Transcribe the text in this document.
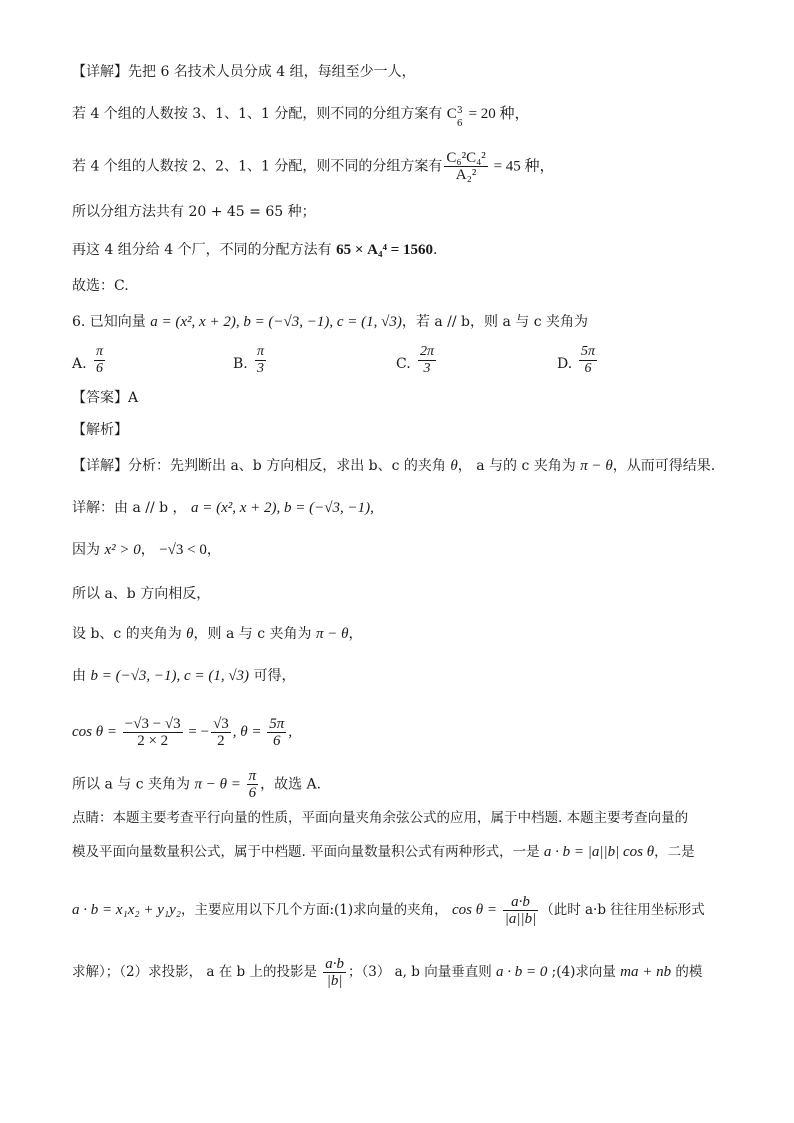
【详解】先把 6 名技术人员分成 4 组，每组至少一人，
若 4 个组的人数按 3、1、1、1 分配，则不同的分组方案有 C 3
6
= 20 种，
若 4 个组的人数按 2、2、1、1 分配，则不同的分组方案有 $\frac{\text{C₆²C₄²}}{\text{A₂²}} = 45$ 种，
所以分组方法共有 20 + 45 = 65 种；
再这 4 组分给 4 个厂，不同的分配方法有 65 × A₄⁴ = 1560.
故选：C.
6. 已知向量 a = (x², x + 2), b = (−√3, −1), c = (1, √3)，若 a // b，则 a 与 c 夹角为
A. $\frac{\pi}{6}$	B. $\frac{\pi}{3}$	C. $\frac{2\pi}{3}$	D. $\frac{5\pi}{6}$
【答案】A
【解析】
【详解】分析：先判断出 a、b 方向相反，求出 b、c 的夹角 θ， a 与的 c 夹角为 π − θ，从而可得结果.
详解：由 a // b ， a = (x², x + 2), b = (−√3, −1),
因为 x² > 0， −√3 < 0，
所以 a、b 方向相反，
设 b、c 的夹角为 θ，则 a 与 c 夹角为 π − θ，
由 b = (−√3, −1), c = (1, √3) 可得，
$\cos \theta = \frac{-√3 - √3}{2 \times 2}$ = − $\frac{√3}{2}$ , $\theta = \frac{5\pi}{6}$ ,
所以 a 与 c 夹角为 $\pi - \theta = \frac{\pi}{6}$ ，故选 A.
点睛：本题主要考查平行向量的性质，平面向量夹角余弦公式的应用，属于中档题. 本题主要考查向量的
模及平面向量数量积公式，属于中档题. 平面向量数量积公式有两种形式，一是 a · b = |a||b| cos θ，二是
a · b = x₁x₂ + y₁y₂，主要应用以下几个方面:(1)求向量的夹角， $\cos \theta = \frac{a\cdot b}{|a||b|}$ （此时 a·b 往往用坐标形式
求解）；（2）求投影， a 在 b 上的投影是 $\frac{a\cdot b}{|b|}$ ；（3） a, b 向量垂直则 a · b = 0 ;(4)求向量 ma + nb 的模
